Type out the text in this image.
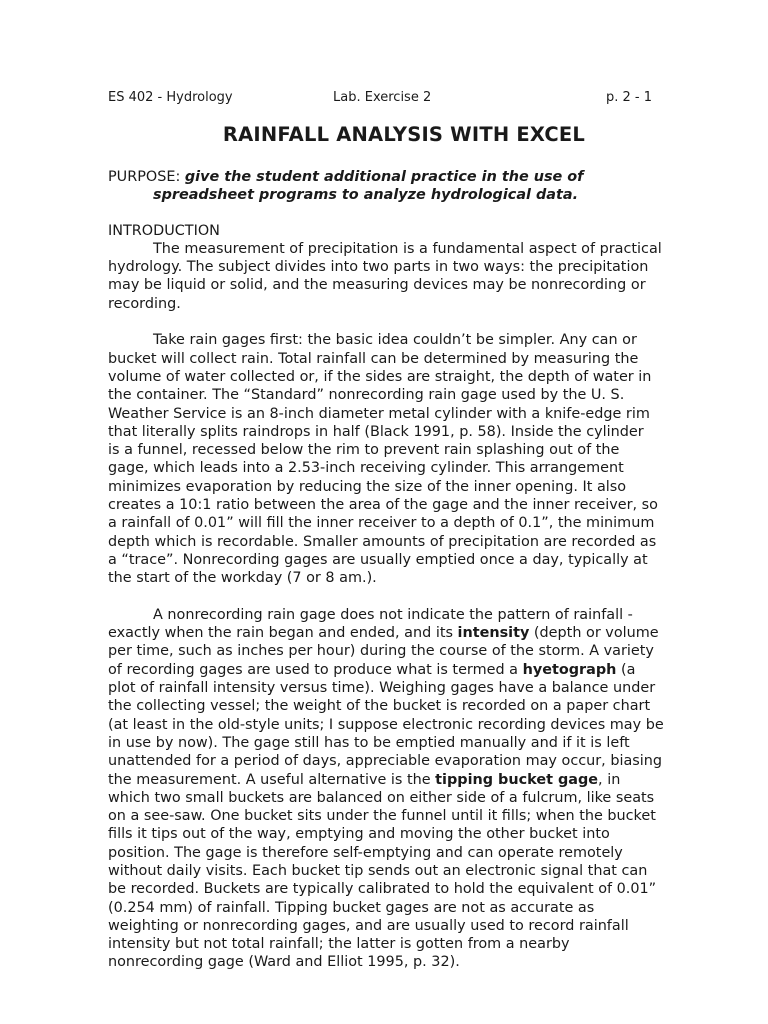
ES 402 - Hydrology	Lab. Exercise 2	p. 2 - 1
RAINFALL ANALYSIS WITH EXCEL
PURPOSE: give the student additional practice in the use of
spreadsheet programs to analyze hydrological data.
INTRODUCTION

The measurement of precipitation is a fundamental aspect of practical
hydrology. The subject divides into two parts in two ways: the precipitation
may be liquid or solid, and the measuring devices may be nonrecording or
recording.

Take rain gages first: the basic idea couldn’t be simpler. Any can or
bucket will collect rain. Total rainfall can be determined by measuring the
volume of water collected or, if the sides are straight, the depth of water in
the container. The “Standard” nonrecording rain gage used by the U. S.
Weather Service is an 8-inch diameter metal cylinder with a knife-edge rim
that literally splits raindrops in half (Black 1991, p. 58). Inside the cylinder
is a funnel, recessed below the rim to prevent rain splashing out of the
gage, which leads into a 2.53-inch receiving cylinder. This arrangement
minimizes evaporation by reducing the size of the inner opening. It also
creates a 10:1 ratio between the area of the gage and the inner receiver, so
a rainfall of 0.01” will fill the inner receiver to a depth of 0.1”, the minimum
depth which is recordable. Smaller amounts of precipitation are recorded as
a “trace”. Nonrecording gages are usually emptied once a day, typically at
the start of the workday (7 or 8 am.).

A nonrecording rain gage does not indicate the pattern of rainfall -
exactly when the rain began and ended, and its intensity (depth or volume
per time, such as inches per hour) during the course of the storm. A variety
of recording gages are used to produce what is termed a hyetograph (a
plot of rainfall intensity versus time). Weighing gages have a balance under
the collecting vessel; the weight of the bucket is recorded on a paper chart
(at least in the old-style units; I suppose electronic recording devices may be
in use by now). The gage still has to be emptied manually and if it is left
unattended for a period of days, appreciable evaporation may occur, biasing
the measurement. A useful alternative is the tipping bucket gage, in
which two small buckets are balanced on either side of a fulcrum, like seats
on a see-saw. One bucket sits under the funnel until it fills; when the bucket
fills it tips out of the way, emptying and moving the other bucket into
position. The gage is therefore self-emptying and can operate remotely
without daily visits. Each bucket tip sends out an electronic signal that can
be recorded. Buckets are typically calibrated to hold the equivalent of 0.01”
(0.254 mm) of rainfall. Tipping bucket gages are not as accurate as
weighting or nonrecording gages, and are usually used to record rainfall
intensity but not total rainfall; the latter is gotten from a nearby
nonrecording gage (Ward and Elliot 1995, p. 32).
